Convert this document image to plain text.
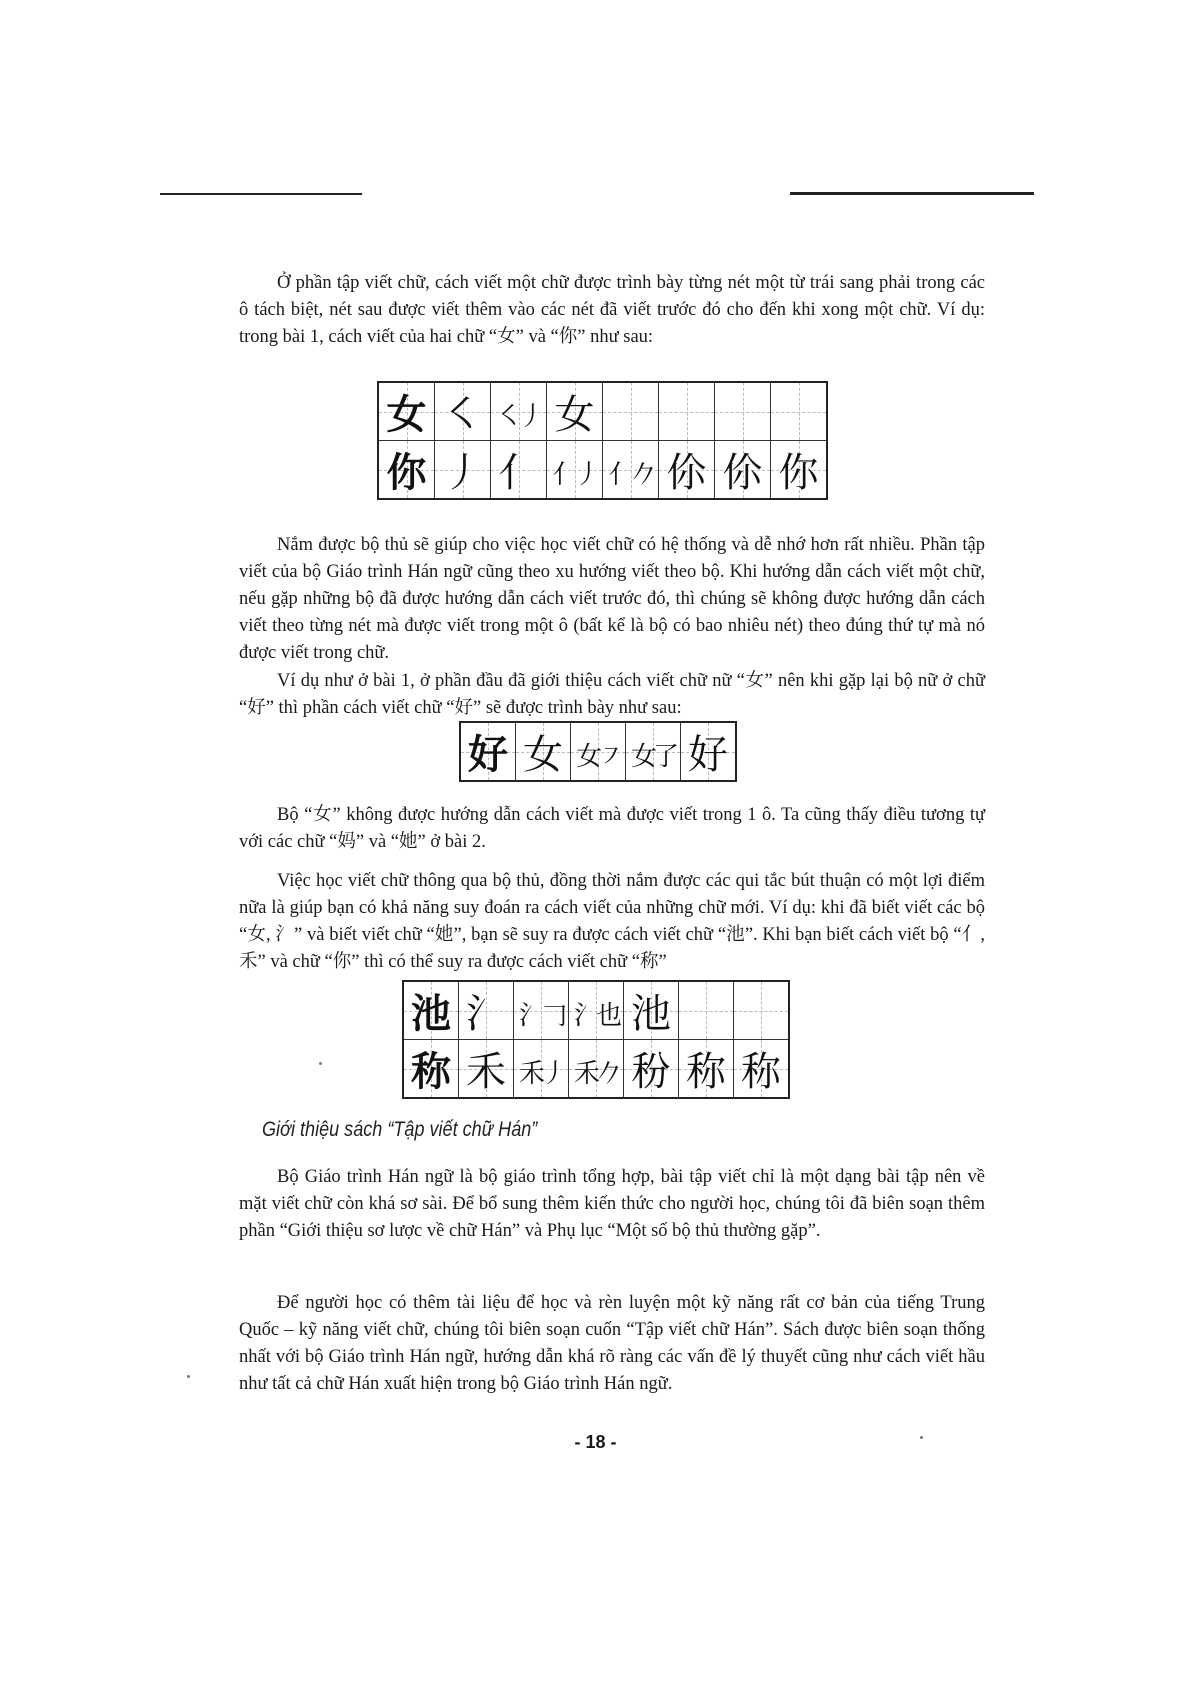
Ở phần tập viết chữ, cách viết một chữ được trình bày từng nét một từ trái sang phải trong các ô tách biệt, nét sau được viết thêm vào các nét đã viết trước đó cho đến khi xong một chữ. Ví dụ: trong bài 1, cách viết của hai chữ “女” và “你” như sau:

女	㇛	㇛丿	女	

你	丿	亻	亻丿	亻𠂊	伱	伱	你

Nắm được bộ thủ sẽ giúp cho việc học viết chữ có hệ thống và dễ nhớ hơn rất nhiều. Phần tập viết của bộ Giáo trình Hán ngữ cũng theo xu hướng viết theo bộ. Khi hướng dẫn cách viết một chữ, nếu gặp những bộ đã được hướng dẫn cách viết trước đó, thì chúng sẽ không được hướng dẫn cách viết theo từng nét mà được viết trong một ô (bất kể là bộ có bao nhiêu nét) theo đúng thứ tự mà nó được viết trong chữ.

Ví dụ như ở bài 1, ở phần đầu đã giới thiệu cách viết chữ nữ “女” nên khi gặp lại bộ nữ ở chữ “好” thì phần cách viết chữ “好” sẽ được trình bày như sau:

好	女	女㇇	女了	好

Bộ “女” không được hướng dẫn cách viết mà được viết trong 1 ô. Ta cũng thấy điều tương tự với các chữ “妈” và “她” ở bài 2.

Việc học viết chữ thông qua bộ thủ, đồng thời nắm được các qui tắc bút thuận có một lợi điểm nữa là giúp bạn có khả năng suy đoán ra cách viết của những chữ mới. Ví dụ: khi đã biết viết các bộ “女, 氵” và biết viết chữ “她”, bạn sẽ suy ra được cách viết chữ “池”. Khi bạn biết cách viết bộ “亻, 禾” và chữ “你” thì có thể suy ra được cách viết chữ “称”

池	氵	氵𠃌	氵也	池	

称	禾	禾丿	禾𠂊	秎	称	称
Giới thiệu sách “Tập viết chữ Hán”

Bộ Giáo trình Hán ngữ là bộ giáo trình tổng hợp, bài tập viết chỉ là một dạng bài tập nên về mặt viết chữ còn khá sơ sài. Để bổ sung thêm kiến thức cho người học, chúng tôi đã biên soạn thêm phần “Giới thiệu sơ lược về chữ Hán” và Phụ lục “Một số bộ thủ thường gặp”.

Để người học có thêm tài liệu để học và rèn luyện một kỹ năng rất cơ bản của tiếng Trung Quốc – kỹ năng viết chữ, chúng tôi biên soạn cuốn “Tập viết chữ Hán”. Sách được biên soạn thống nhất với bộ Giáo trình Hán ngữ, hướng dẫn khá rõ ràng các vấn đề lý thuyết cũng như cách viết hầu như tất cả chữ Hán xuất hiện trong bộ Giáo trình Hán ngữ.

- 18 -
